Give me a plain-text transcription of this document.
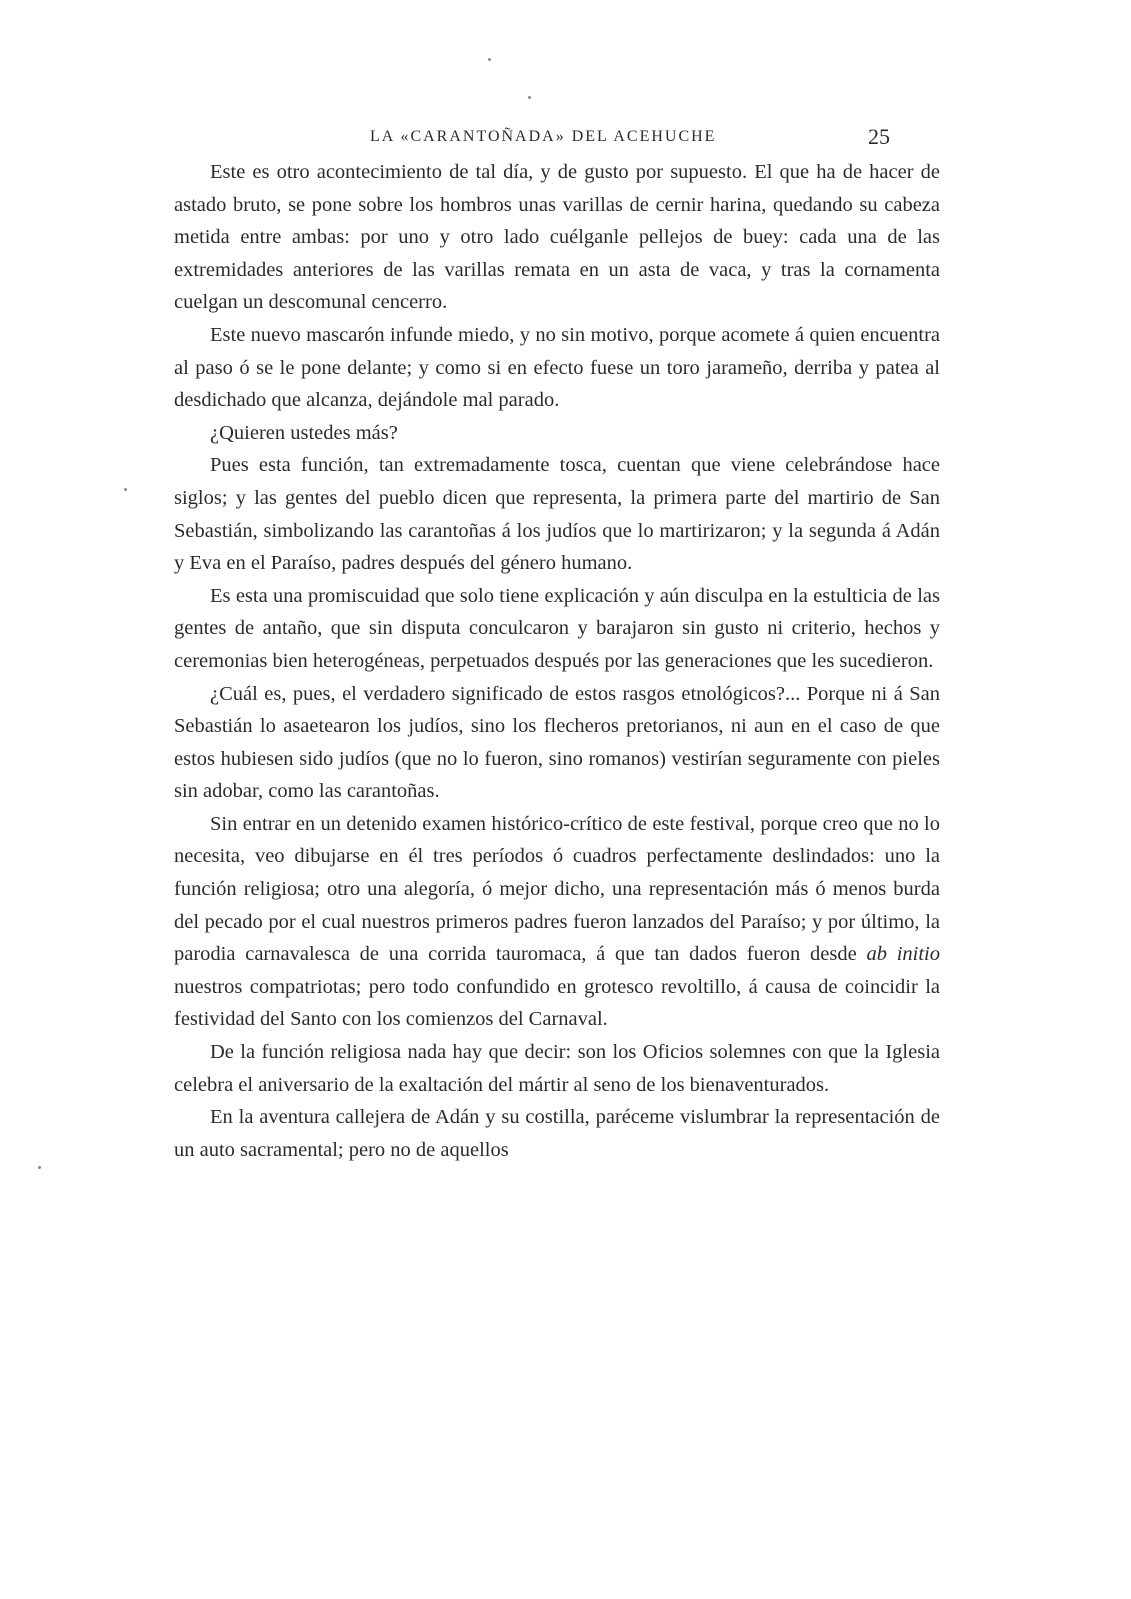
LA «CARANTOÑADA» DEL ACEHUCHE	25

Este es otro acontecimiento de tal día, y de gusto por supuesto. El que ha de hacer de astado bruto, se pone sobre los hombros unas varillas de cernir harina, quedando su cabeza metida entre ambas: por uno y otro lado cuélganle pellejos de buey: cada una de las extremidades anteriores de las varillas remata en un asta de vaca, y tras la cornamenta cuelgan un descomunal cencerro.

Este nuevo mascarón infunde miedo, y no sin motivo, porque acomete á quien encuentra al paso ó se le pone delante; y como si en efecto fuese un toro jarameño, derriba y patea al desdichado que alcanza, dejándole mal parado.

¿Quieren ustedes más?

Pues esta función, tan extremadamente tosca, cuentan que viene celebrándose hace siglos; y las gentes del pueblo dicen que representa, la primera parte del martirio de San Sebastián, simbolizando las carantoñas á los judíos que lo martirizaron; y la segunda á Adán y Eva en el Paraíso, padres después del género humano.

Es esta una promiscuidad que solo tiene explicación y aún disculpa en la estulticia de las gentes de antaño, que sin disputa conculcaron y barajaron sin gusto ni criterio, hechos y ceremonias bien heterogéneas, perpetuados después por las generaciones que les sucedieron.

¿Cuál es, pues, el verdadero significado de estos rasgos etnológicos?... Porque ni á San Sebastián lo asaetearon los judíos, sino los flecheros pretorianos, ni aun en el caso de que estos hubiesen sido judíos (que no lo fueron, sino romanos) vestirían seguramente con pieles sin adobar, como las carantoñas.

Sin entrar en un detenido examen histórico-crítico de este festival, porque creo que no lo necesita, veo dibujarse en él tres períodos ó cuadros perfectamente deslindados: uno la función religiosa; otro una alegoría, ó mejor dicho, una representación más ó menos burda del pecado por el cual nuestros primeros padres fueron lanzados del Paraíso; y por último, la parodia carnavalesca de una corrida tauromaca, á que tan dados fueron desde ab initio nuestros compatriotas; pero todo confundido en grotesco revoltillo, á causa de coincidir la festividad del Santo con los comienzos del Carnaval.

De la función religiosa nada hay que decir: son los Oficios solemnes con que la Iglesia celebra el aniversario de la exaltación del mártir al seno de los bienaventurados.

En la aventura callejera de Adán y su costilla, paréceme vislumbrar la representación de un auto sacramental; pero no de aquellos
